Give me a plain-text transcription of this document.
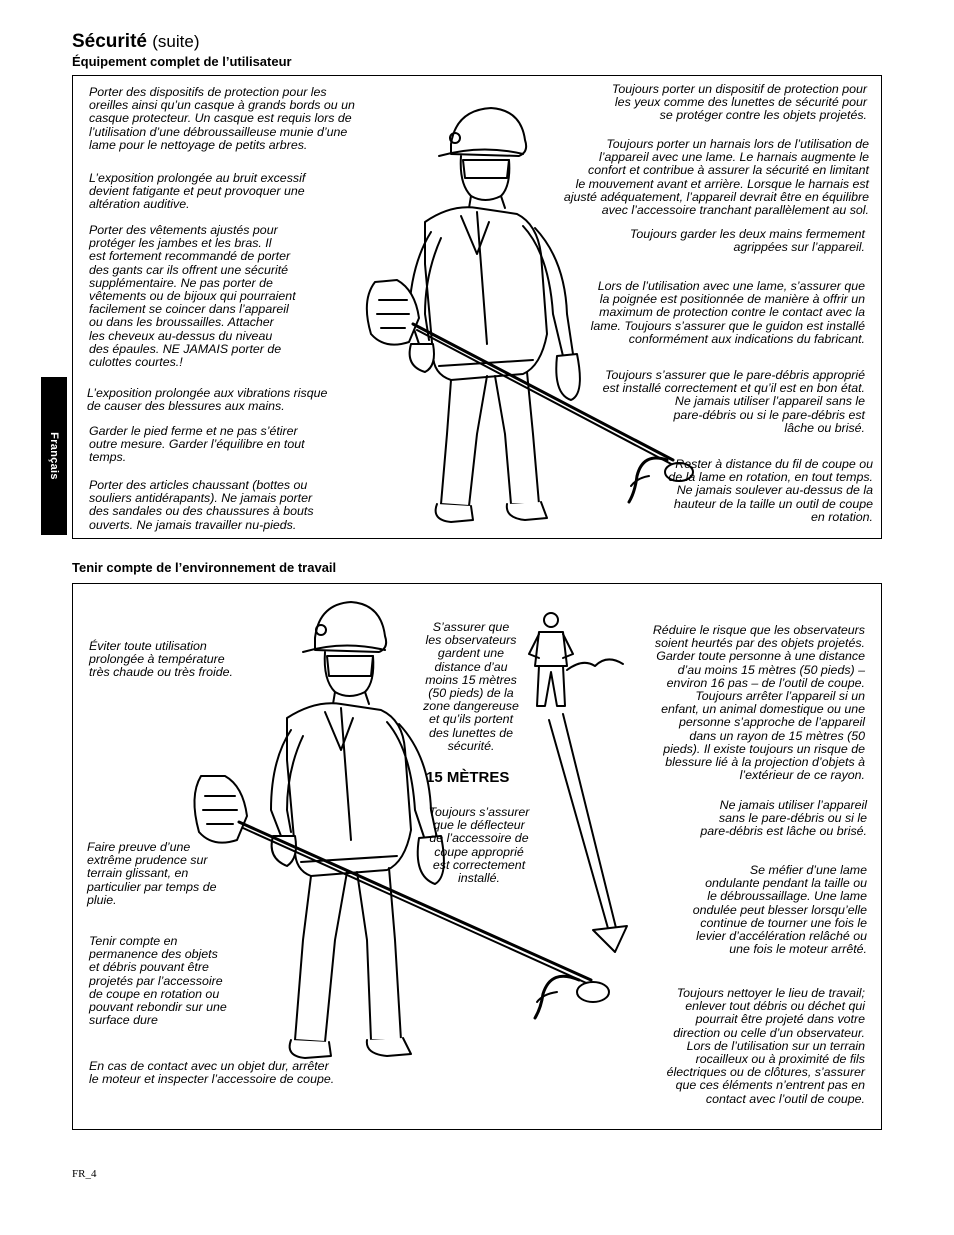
Sécurité (suite)
Équipement complet de l’utilisateur
Français
Porter des dispositifs de protection pour les
oreilles ainsi qu’un casque à grands bords ou un
casque protecteur. Un casque est requis lors de
l’utilisation d’une débroussailleuse munie d’une
lame pour le nettoyage de petits arbres.
L’exposition prolongée au bruit excessif
devient fatigante et peut provoquer une
altération auditive.
Porter des vêtements ajustés pour
protéger les jambes et les bras. Il
est fortement recommandé de porter
des gants car ils offrent une sécurité
supplémentaire. Ne pas porter de
vêtements ou de bijoux qui pourraient
facilement se coincer dans l’appareil
ou dans les broussailles. Attacher
les cheveux au-dessus du niveau
des épaules. NE JAMAIS porter de
culottes courtes.!
L’exposition prolongée aux vibrations risque
de causer des blessures aux mains.
Garder le pied ferme et ne pas s’étirer
outre mesure. Garder l’équilibre en tout
temps.
Porter des articles chaussant (bottes ou
souliers antidérapants). Ne jamais porter
des sandales ou des chaussures à bouts
ouverts. Ne jamais travailler nu-pieds.
Toujours porter un dispositif de protection pour
les yeux comme des lunettes de sécurité pour
se protéger contre les objets projetés.
Toujours porter un harnais lors de l’utilisation de
l’appareil avec une lame. Le harnais augmente le
confort et contribue à assurer la sécurité en limitant
le mouvement avant et arrière. Lorsque le harnais est
ajusté adéquatement, l’appareil devrait être en équilibre
avec l’accessoire tranchant parallèlement au sol.
Toujours garder les deux mains fermement
agrippées sur l’appareil.
Lors de l’utilisation avec une lame, s’assurer que
la poignée est positionnée de manière à offrir un
maximum de protection contre le contact avec la
lame. Toujours s’assurer que le guidon est installé
conformément aux indications du fabricant.
Toujours s’assurer que le pare-débris approprié
est installé correctement et qu’il est en bon état.
Ne jamais utiliser l’appareil sans le
pare-débris ou si le pare-débris est
lâche ou brisé.
Rester à distance du fil de coupe ou
de la lame en rotation, en tout temps.
Ne jamais soulever au-dessus de la
hauteur de la taille un outil de coupe
en rotation.
Tenir compte de l’environnement de travail
Éviter toute utilisation
prolongée à température
très chaude ou très froide.
Faire preuve d’une
extrême prudence sur
terrain glissant, en
particulier par temps de
pluie.
Tenir compte en
permanence des objets
et débris pouvant être
projetés par l’accessoire
de coupe en rotation ou
pouvant rebondir sur une
surface dure
En cas de contact avec un objet dur, arrêter
le moteur et inspecter l’accessoire de coupe.
S’assurer que
les observateurs
gardent une
distance d’au
moins 15 mètres
(50 pieds) de la
zone dangereuse
et qu’ils portent
des lunettes de
sécurité.
Toujours s’assurer
que le déflecteur
de l’accessoire de
coupe approprié
est correctement
installé.
Réduire le risque que les observateurs
soient heurtés par des objets projetés.
Garder toute personne à une distance
d’au moins 15 mètres (50 pieds) –
environ 16 pas – de l’outil de coupe.
Toujours arrêter l’appareil si un
enfant, un animal domestique ou une
personne s’approche de l’appareil
dans un rayon de 15 mètres (50
pieds). Il existe toujours un risque de
blessure lié à la projection d’objets à
l’extérieur de ce rayon.
Ne jamais utiliser l’appareil
sans le pare-débris ou si le
pare-débris est lâche ou brisé.
Se méfier d’une lame
ondulante pendant la taille ou
le débroussaillage. Une lame
ondulée peut blesser lorsqu’elle
continue de tourner une fois le
levier d’accélération relâché ou
une fois le moteur arrêté.
Toujours nettoyer le lieu de travail;
enlever tout débris ou déchet qui
pourrait être projeté dans votre
direction ou celle d’un observateur.
Lors de l’utilisation sur un terrain
rocailleux ou à proximité de fils
électriques ou de clôtures, s’assurer
que ces éléments n’entrent pas en
contact avec l’outil de coupe.
15 MÈTRES
FR_4
